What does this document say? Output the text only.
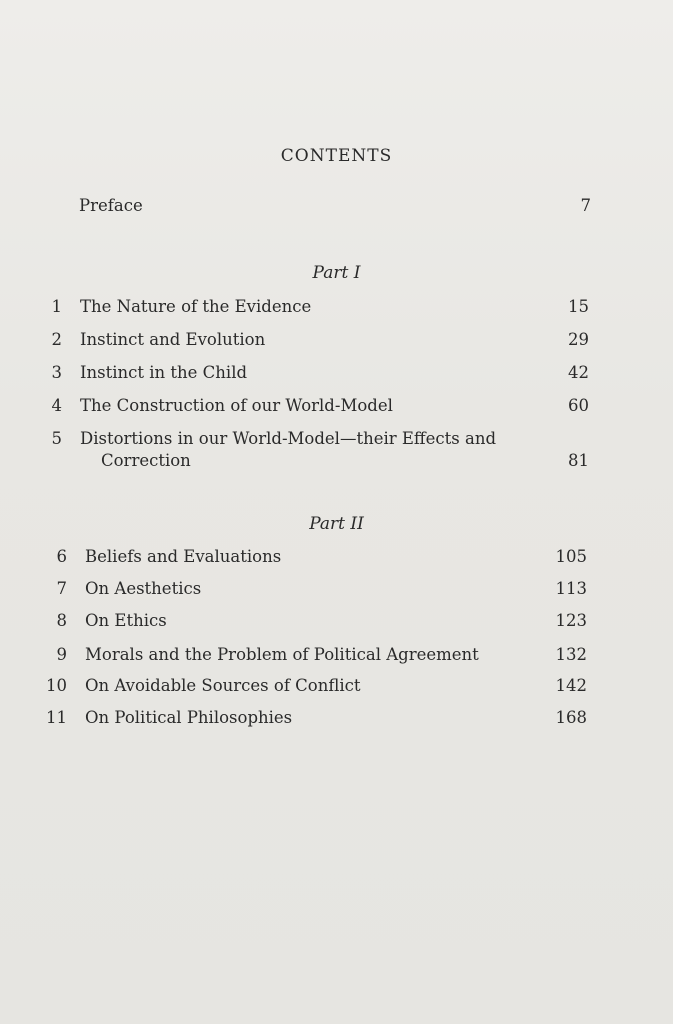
CONTENTS
Preface	7
Part I
1 The Nature of the Evidence	15
2 Instinct and Evolution	29
3 Instinct in the Child	42
4 The Construction of our World-Model	60
5 Distortions in our World-Model—their Effects and
Correction	81
Part II
6 Beliefs and Evaluations	105
7 On Aesthetics	113
8 On Ethics	123
9 Morals and the Problem of Political Agreement	132
10 On Avoidable Sources of Conflict	142
11 On Political Philosophies	168
